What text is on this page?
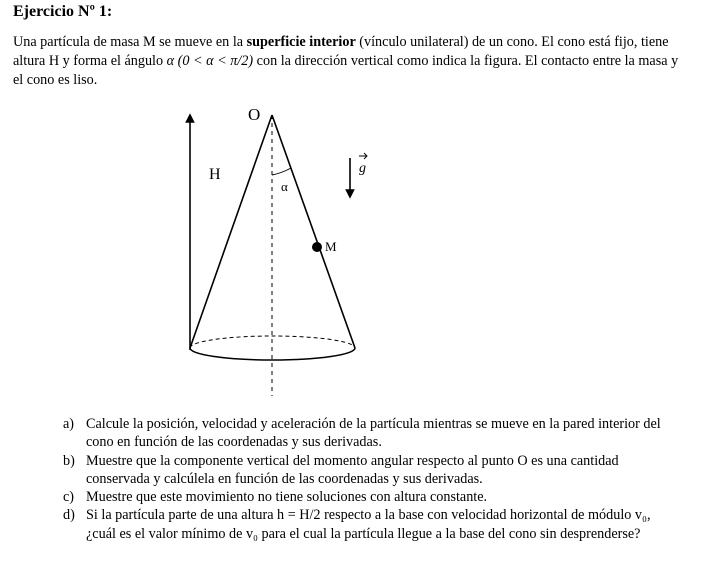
Ejercicio Nº 1:
Una partícula de masa M se mueve en la superficie interior (vínculo unilateral) de un cono. El cono está fijo, tiene altura H y forma el ángulo α (0 < α < π/2) con la dirección vertical como indica la figura. El contacto entre la masa y el cono es liso.
O
H
α
M
g
a) Calcule la posición, velocidad y aceleración de la partícula mientras se mueve en la pared interior del cono en función de las coordenadas y sus derivadas.
b) Muestre que la componente vertical del momento angular respecto al punto O es una cantidad conservada y calcúlela en función de las coordenadas y sus derivadas.
c) Muestre que este movimiento no tiene soluciones con altura constante.
d) Si la partícula parte de una altura h = H/2 respecto a la base con velocidad horizontal de módulo v₀, ¿cuál es el valor mínimo de v₀ para el cual la partícula llegue a la base del cono sin desprenderse?
